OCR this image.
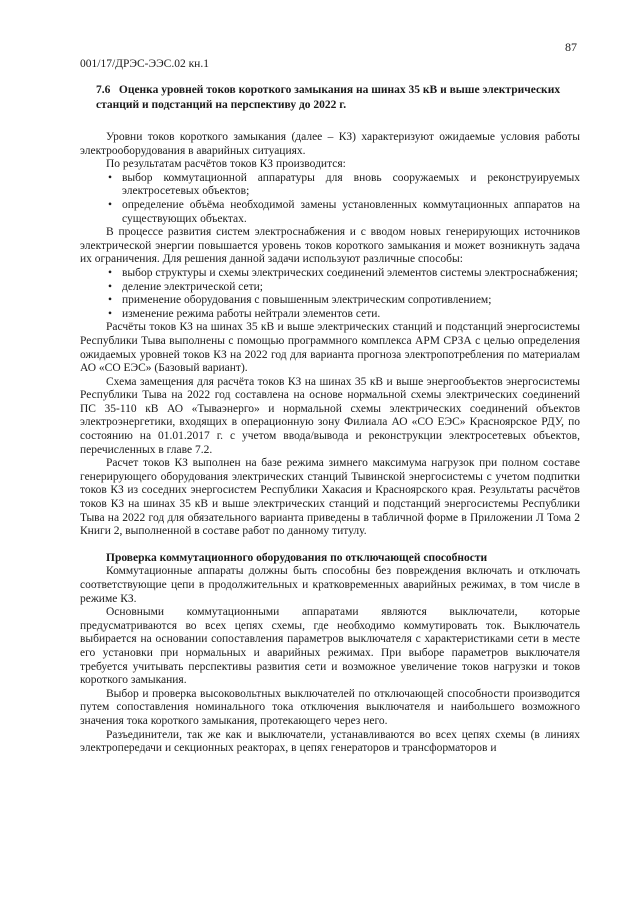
87
001/17/ДРЭС-ЭЭС.02 кн.1
7.6 Оценка уровней токов короткого замыкания на шинах 35 кВ и выше электрических станций и подстанций на перспективу до 2022 г.

Уровни токов короткого замыкания (далее – КЗ) характеризуют ожидаемые условия работы электрооборудования в аварийных ситуациях.

По результатам расчётов токов КЗ производится:

• выбор коммутационной аппаратуры для вновь сооружаемых и реконструируемых электросетевых объектов;
• определение объёма необходимой замены установленных коммутационных аппаратов на существующих объектах.

В процессе развития систем электроснабжения и с вводом новых генерирующих источников электрической энергии повышается уровень токов короткого замыкания и может возникнуть задача их ограничения. Для решения данной задачи используют различные способы:

• выбор структуры и схемы электрических соединений элементов системы электроснабжения;
• деление электрической сети;
• применение оборудования с повышенным электрическим сопротивлением;
• изменение режима работы нейтрали элементов сети.

Расчёты токов КЗ на шинах 35 кВ и выше электрических станций и подстанций энергосистемы Республики Тыва выполнены с помощью программного комплекса АРМ СРЗА с целью определения ожидаемых уровней токов КЗ на 2022 год для варианта прогноза электропотребления по материалам АО «СО ЕЭС» (Базовый вариант).

Схема замещения для расчёта токов КЗ на шинах 35 кВ и выше энергообъектов энергосистемы Республики Тыва на 2022 год составлена на основе нормальной схемы электрических соединений ПС 35-110 кВ АО «Тываэнерго» и нормальной схемы электрических соединений объектов электроэнергетики, входящих в операционную зону Филиала АО «СО ЕЭС» Красноярское РДУ, по состоянию на 01.01.2017 г. с учетом ввода/вывода и реконструкции электросетевых объектов, перечисленных в главе 7.2.

Расчет токов КЗ выполнен на базе режима зимнего максимума нагрузок при полном составе генерирующего оборудования электрических станций Тывинской энергосистемы с учетом подпитки токов КЗ из соседних энергосистем Республики Хакасия и Красноярского края. Результаты расчётов токов КЗ на шинах 35 кВ и выше электрических станций и подстанций энергосистемы Республики Тыва на 2022 год для обязательного варианта приведены в табличной форме в Приложении Л Тома 2 Книги 2, выполненной в составе работ по данному титулу.

Проверка коммутационного оборудования по отключающей способности

Коммутационные аппараты должны быть способны без повреждения включать и отключать соответствующие цепи в продолжительных и кратковременных аварийных режимах, в том числе в режиме КЗ.

Основными коммутационными аппаратами являются выключатели, которые предусматриваются во всех цепях схемы, где необходимо коммутировать ток. Выключатель выбирается на основании сопоставления параметров выключателя с характеристиками сети в месте его установки при нормальных и аварийных режимах. При выборе параметров выключателя требуется учитывать перспективы развития сети и возможное увеличение токов нагрузки и токов короткого замыкания.

Выбор и проверка высоковольтных выключателей по отключающей способности производится путем сопоставления номинального тока отключения выключателя и наибольшего возможного значения тока короткого замыкания, протекающего через него.

Разъединители, так же как и выключатели, устанавливаются во всех цепях схемы (в линиях электропередачи и секционных реакторах, в цепях генераторов и трансформаторов и
